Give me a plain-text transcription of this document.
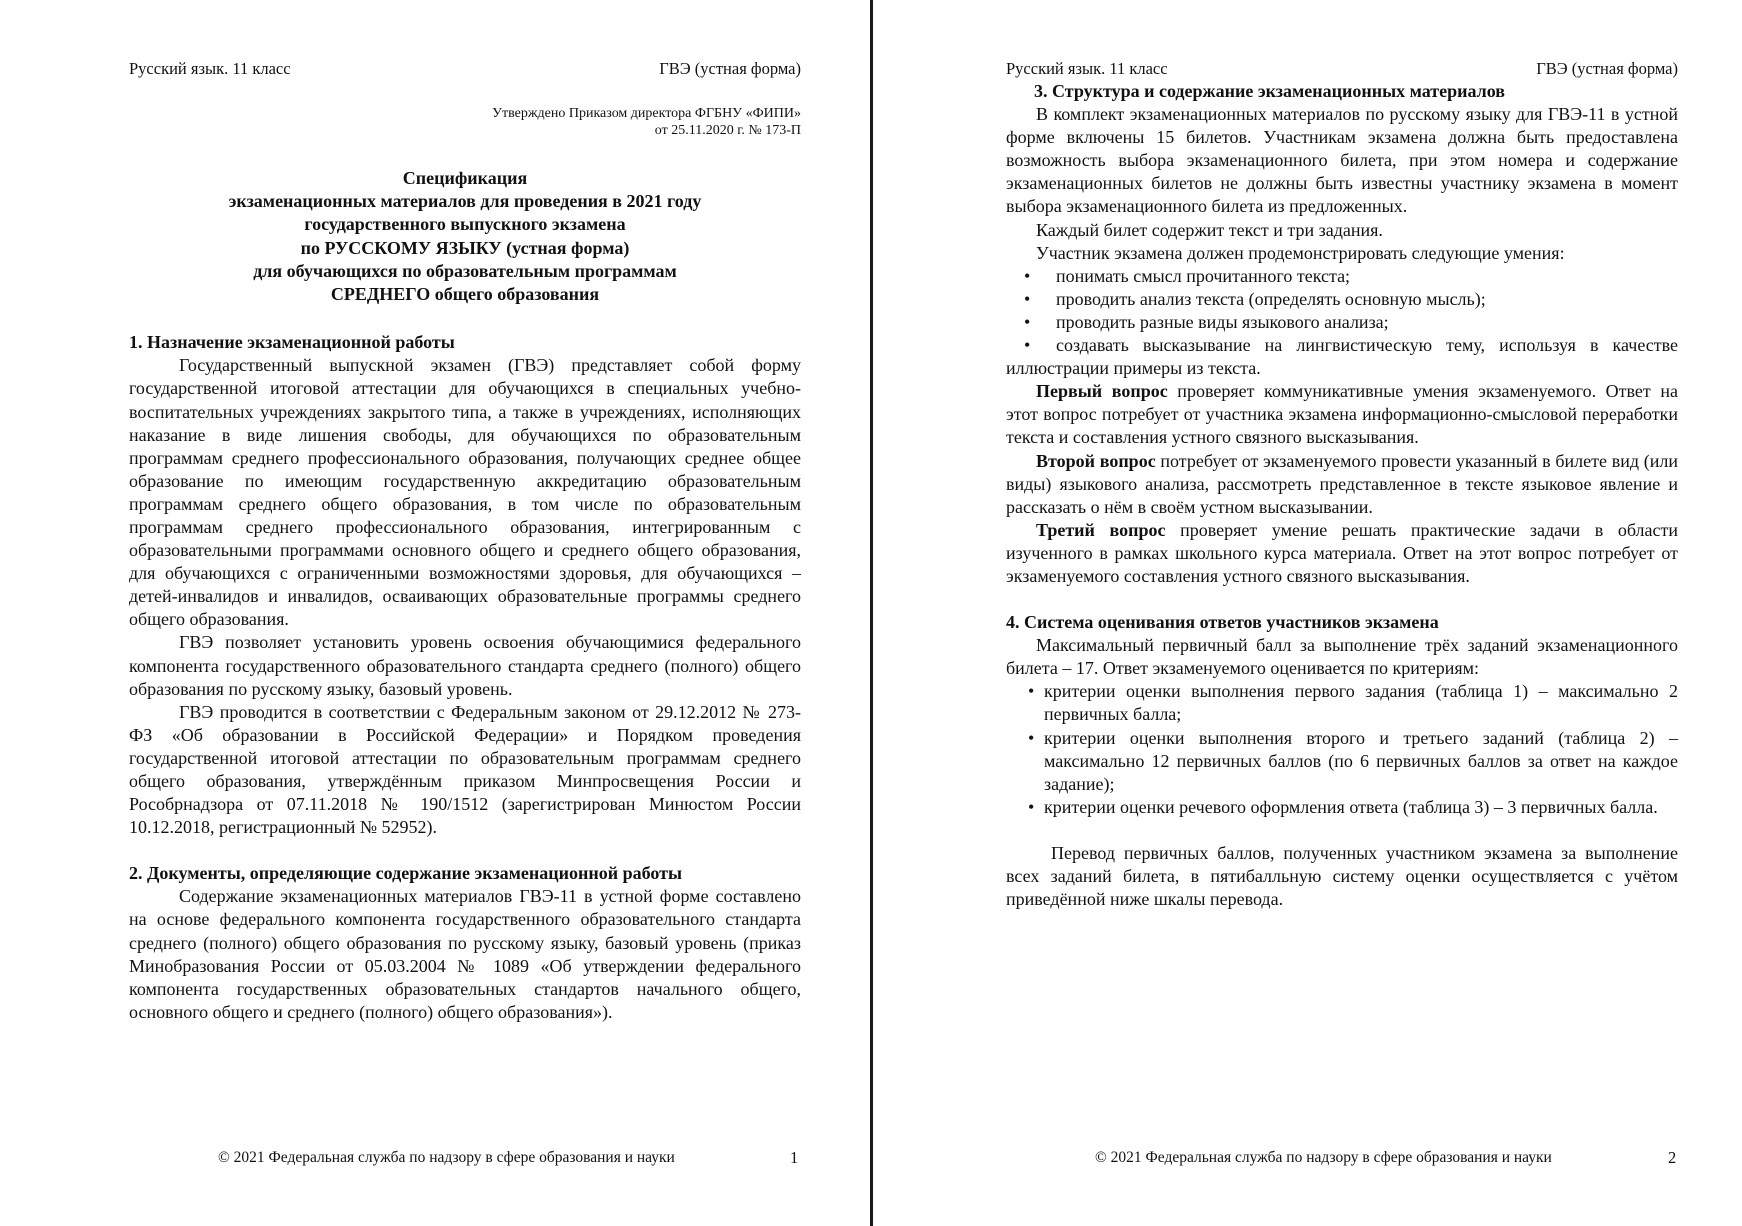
Русский язык. 11 класс	ГВЭ (устная форма)
Утверждено Приказом директора ФГБНУ «ФИПИ»
от 25.11.2020 г. № 173-П
Спецификация
экзаменационных материалов для проведения в 2021 году
государственного выпускного экзамена
по РУССКОМУ ЯЗЫКУ (устная форма)
для обучающихся по образовательным программам
СРЕДНЕГО общего образования
1. Назначение экзаменационной работы

Государственный выпускной экзамен (ГВЭ) представляет собой форму государственной итоговой аттестации для обучающихся в специальных учебно-воспитательных учреждениях закрытого типа, а также в учреждениях, исполняющих наказание в виде лишения свободы, для обучающихся по образовательным программам среднего профессионального образования, получающих среднее общее образование по имеющим государственную аккредитацию образовательным программам среднего общего образования, в том числе по образовательным программам среднего профессионального образования, интегрированным с образовательными программами основного общего и среднего общего образования, для обучающихся с ограниченными возможностями здоровья, для обучающихся – детей-инвалидов и инвалидов, осваивающих образовательные программы среднего общего образования.

ГВЭ позволяет установить уровень освоения обучающимися федерального компонента государственного образовательного стандарта среднего (полного) общего образования по русскому языку, базовый уровень.

ГВЭ проводится в соответствии с Федеральным законом от 29.12.2012 № 273-ФЗ «Об образовании в Российской Федерации» и Порядком проведения государственной итоговой аттестации по образовательным программам среднего общего образования, утверждённым приказом Минпросвещения России и Рособрнадзора от 07.11.2018 № 190/1512 (зарегистрирован Минюстом России 10.12.2018, регистрационный № 52952).

2. Документы, определяющие содержание экзаменационной работы

Содержание экзаменационных материалов ГВЭ-11 в устной форме составлено на основе федерального компонента государственного образовательного стандарта среднего (полного) общего образования по русскому языку, базовый уровень (приказ Минобразования России от 05.03.2004 № 1089 «Об утверждении федерального компонента государственных образовательных стандартов начального общего, основного общего и среднего (полного) общего образования»).

© 2021 Федеральная служба по надзору в сфере образования и науки	1
Русский язык. 11 класс	ГВЭ (устная форма)
3. Структура и содержание экзаменационных материалов

В комплект экзаменационных материалов по русскому языку для ГВЭ-11 в устной форме включены 15 билетов. Участникам экзамена должна быть предоставлена возможность выбора экзаменационного билета, при этом номера и содержание экзаменационных билетов не должны быть известны участнику экзамена в момент выбора экзаменационного билета из предложенных.

Каждый билет содержит текст и три задания.

Участник экзамена должен продемонстрировать следующие умения:

• понимать смысл прочитанного текста;
• проводить анализ текста (определять основную мысль);
• проводить разные виды языкового анализа;
• создавать высказывание на лингвистическую тему, используя в качестве иллюстрации примеры из текста.

Первый вопрос проверяет коммуникативные умения экзаменуемого. Ответ на этот вопрос потребует от участника экзамена информационно-смысловой переработки текста и составления устного связного высказывания.

Второй вопрос потребует от экзаменуемого провести указанный в билете вид (или виды) языкового анализа, рассмотреть представленное в тексте языковое явление и рассказать о нём в своём устном высказывании.

Третий вопрос проверяет умение решать практические задачи в области изученного в рамках школьного курса материала. Ответ на этот вопрос потребует от экзаменуемого составления устного связного высказывания.

4. Система оценивания ответов участников экзамена

Максимальный первичный балл за выполнение трёх заданий экзаменационного билета – 17. Ответ экзаменуемого оценивается по критериям:

• критерии оценки выполнения первого задания (таблица 1) – максимально 2 первичных балла;
• критерии оценки выполнения второго и третьего заданий (таблица 2) – максимально 12 первичных баллов (по 6 первичных баллов за ответ на каждое задание);
• критерии оценки речевого оформления ответа (таблица 3) – 3 первичных балла.

Перевод первичных баллов, полученных участником экзамена за выполнение всех заданий билета, в пятибалльную систему оценки осуществляется с учётом приведённой ниже шкалы перевода.

© 2021 Федеральная служба по надзору в сфере образования и науки	2
